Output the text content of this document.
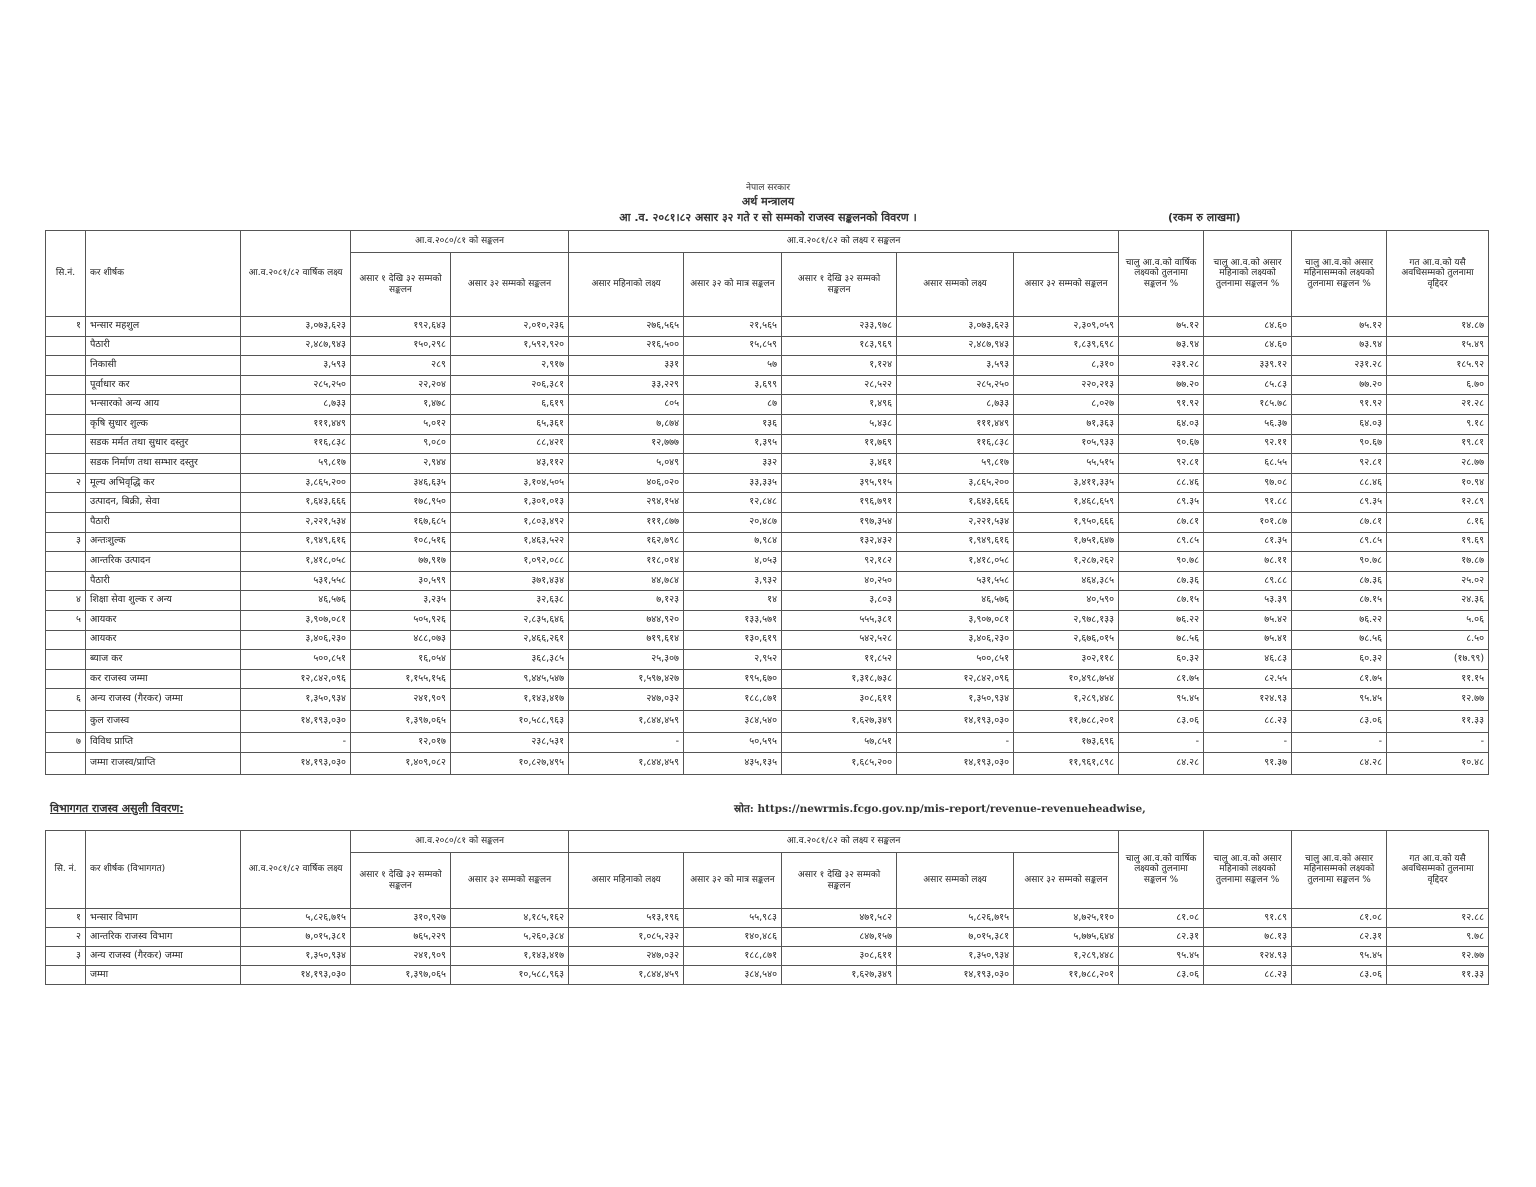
नेपाल सरकार
अर्थ मन्त्रालय
आ .व. २०८१।८२ असार ३२ गते र सो सम्मको राजस्व सङ्कलनको विवरण ।	(रकम रु लाखमा)
सि.नं.	कर शीर्षक	आ.व.२०८१/८२ वार्षिक लक्ष्य	आ.व.२०८०/८१ को सङ्कलन		आ.व.२०८१/८२ को लक्ष्य र सङ्कलन					चालु आ.व.को वार्षिक लक्ष्यको तुलनामा सङ्कलन %	चालु आ.व.को असार महिनाको लक्ष्यको तुलनामा सङ्कलन %	चालु आ.व.को असार महिनासम्मको लक्ष्यको तुलनामा सङ्कलन %	गत आ.व.को यसै अवधिसम्मको तुलनामा वृद्दिदर
			असार १ देखि ३२ सम्मको सङ्कलन	असार ३२ सम्मको सङ्कलन	असार महिनाको लक्ष्य	असार ३२ को मात्र सङ्कलन	असार १ देखि ३२ सम्मको सङ्कलन	असार सम्मको लक्ष्य	असार ३२ सम्मको सङ्कलन				
१	भन्सार महशुल	३,०७३,६२३	१९२,६४३	२,०१०,२३६	२७६,५६५	२१,५६५	२३३,९७८	३,०७३,६२३	२,३०९,०५९	७५.१२	८४.६०	७५.१२	१४.८७
	पैठारी	२,४८७,९४३	१५०,२९८	१,५९२,९२०	२१६,५००	१५,८५९	१८३,९६९	२,४८७,९४३	१,८३९,६९८	७३.९४	८४.६०	७३.९४	१५.४९
	निकासी	३,५९३	२८९	२,९१७	३३१	५७	१,१२४	३,५९३	८,३१०	२३१.२८	३३९.१२	२३१.२८	१८५.९२
	पूर्वाधार कर	२८५,२५०	२२,२०४	२०६,३८१	३३,२२९	३,६९९	२८,५२२	२८५,२५०	२२०,२१३	७७.२०	८५.८३	७७.२०	६.७०
	भन्सारको अन्य आय	८,७३३	१,४७८	६,६१९	८०५	८७	१,४९६	८,७३३	८,०२७	९१.९२	१८५.७८	९१.९२	२१.२८
	कृषि सुधार शुल्क	१११,४४९	५,०१२	६५,३६१	७,८७४	१३६	५,४३८	१११,४४९	७१,३६३	६४.०३	५६.३७	६४.०३	९.१८
	सडक मर्मत तथा सुधार दस्तुर	११६,८३८	९,०८०	८८,४२१	१२,७७७	१,३९५	११,७६९	११६,८३८	१०५,९३३	९०.६७	९२.११	९०.६७	१९.८१
	सडक निर्माण तथा सम्भार दस्तुर	५९,८१७	२,९४४	४३,११२	५,०४९	३३२	३,४६१	५९,८१७	५५,५१५	९२.८१	६८.५५	९२.८१	२८.७७
२	मूल्य अभिवृद्धि कर	३,८६५,२००	३४६,६३५	३,१०४,५०५	४०६,०२०	३३,३३५	३९५,९१५	३,८६५,२००	३,४११,३३५	८८.४६	९७.०८	८८.४६	१०.९४
	उत्पादन, बिक्री, सेवा	१,६४३,६६६	१७८,९५०	१,३०१,०१३	२९४,१५४	१२,८४८	१९६,७९१	१,६४३,६६६	१,४६८,६५९	८९.३५	९१.८८	८९.३५	१२.८९
	पैठारी	२,२२१,५३४	१६७,६८५	१,८०३,४९२	१११,८७७	२०,४८७	१९७,३५४	२,२२१,५३४	१,९५०,६६६	८७.८१	१०१.८७	८७.८१	८.१६
३	अन्तःशुल्क	१,९४९,६१६	१०८,५१६	१,४६३,५२२	१६२,७९८	७,९८४	१३२,४३२	१,९४९,६१६	१,७५१,६४७	८९.८५	८१.३५	८९.८५	१९.६९
	आन्तरिक उत्पादन	१,४१८,०५८	७७,९१७	१,०९२,०८८	११८,०१४	४,०५३	९२,१८२	१,४१८,०५८	१,२८७,२६२	९०.७८	७८.११	९०.७८	१७.८७
	पैठारी	५३१,५५८	३०,५९९	३७१,४३४	४४,७८४	३,९३२	४०,२५०	५३१,५५८	४६४,३८५	८७.३६	८९.८८	८७.३६	२५.०२
४	शिक्षा सेवा शुल्क र अन्य	४६,५७६	३,२३५	३२,६३८	७,१२३	१४	३,८०३	४६,५७६	४०,५९०	८७.१५	५३.३९	८७.१५	२४.३६
५	आयकर	३,९०७,०८१	५०५,९२६	२,८३५,६४६	७४४,९२०	१३३,५७१	५५५,३८१	३,९०७,०८१	२,९७८,१३३	७६.२२	७५.४२	७६.२२	५.०६
	आयकर	३,४०६,२३०	४८८,०७३	२,४६६,२६१	७१९,६१४	१३०,६१९	५४२,५२८	३,४०६,२३०	२,६७६,०१५	७८.५६	७५.४१	७८.५६	८.५०
	ब्याज कर	५००,८५१	१६,०५४	३६८,३८५	२५,३०७	२,९५२	११,८५२	५००,८५१	३०२,११८	६०.३२	४६.८३	६०.३२	(१७.९९)
	कर राजस्व जम्मा	१२,८४२,०९६	१,१५५,१५६	९,४४५,५४७	१,५९७,४२७	१९५,६७०	१,३१८,७३८	१२,८४२,०९६	१०,४९८,७५४	८१.७५	८२.५५	८१.७५	११.१५
६	अन्य राजस्व (गैरकर) जम्मा	१,३५०,९३४	२४१,९०९	१,१४३,४१७	२४७,०३२	१८८,८७१	३०८,६११	१,३५०,९३४	१,२८९,४४८	९५.४५	१२४.९३	९५.४५	१२.७७
	कुल राजस्व	१४,१९३,०३०	१,३९७,०६५	१०,५८८,९६३	१,८४४,४५९	३८४,५४०	१,६२७,३४९	१४,१९३,०३०	११,७८८,२०१	८३.०६	८८.२३	८३.०६	११.३३
७	विविध प्राप्ति	-	१२,०१७	२३८,५३१	-	५०,५९५	५७,८५१	-	१७३,६९६	-	-	-	-
	जम्मा राजस्व/प्राप्ति	१४,१९३,०३०	१,४०९,०८२	१०,८२७,४९५	१,८४४,४५९	४३५,१३५	१,६८५,२००	१४,१९३,०३०	११,९६१,८९८	८४.२८	९१.३७	८४.२८	१०.४८
विभागगत राजस्व असुली विवरण:	स्रोत: https://newrmis.fcgo.gov.np/mis-report/revenue-revenueheadwise,
सि. नं.	कर शीर्षक (विभागगत)	आ.व.२०८१/८२ वार्षिक लक्ष्य	आ.व.२०८०/८१ को सङ्कलन		आ.व.२०८१/८२ को लक्ष्य र सङ्कलन					चालु आ.व.को वार्षिक लक्ष्यको तुलनामा सङ्कलन %	चालु आ.व.को असार महिनाको लक्ष्यको तुलनामा सङ्कलन %	चालु आ.व.को असार महिनासम्मको लक्ष्यको तुलनामा सङ्कलन %	गत आ.व.को यसै अवधिसम्मको तुलनामा वृद्दिदर
			असार १ देखि ३२ सम्मको सङ्कलन	असार ३२ सम्मको सङ्कलन	असार महिनाको लक्ष्य	असार ३२ को मात्र सङ्कलन	असार १ देखि ३२ सम्मको सङ्कलन	असार सम्मको लक्ष्य	असार ३२ सम्मको सङ्कलन				
१	भन्सार विभाग	५,८२६,७१५	३१०,९२७	४,१८५,१६२	५१३,१९६	५५,९८३	४७१,५८२	५,८२६,७१५	४,७२५,११०	८१.०८	९१.८९	८१.०८	१२.८८
२	आन्तरिक राजस्व विभाग	७,०१५,३८१	७६५,२२९	५,२६०,३८४	१,०८५,२३२	१४०,४८६	८४७,१५७	७,०१५,३८१	५,७७५,६४४	८२.३१	७८.१३	८२.३१	९.७८
३	अन्य राजस्व (गैरकर) जम्मा	१,३५०,९३४	२४१,९०९	१,१४३,४१७	२४७,०३२	१८८,८७१	३०८,६११	१,३५०,९३४	१,२८९,४४८	९५.४५	१२४.९३	९५.४५	१२.७७
	जम्मा	१४,१९३,०३०	१,३९७,०६५	१०,५८८,९६३	१,८४४,४५९	३८४,५४०	१,६२७,३४९	१४,१९३,०३०	११,७८८,२०१	८३.०६	८८.२३	८३.०६	११.३३
